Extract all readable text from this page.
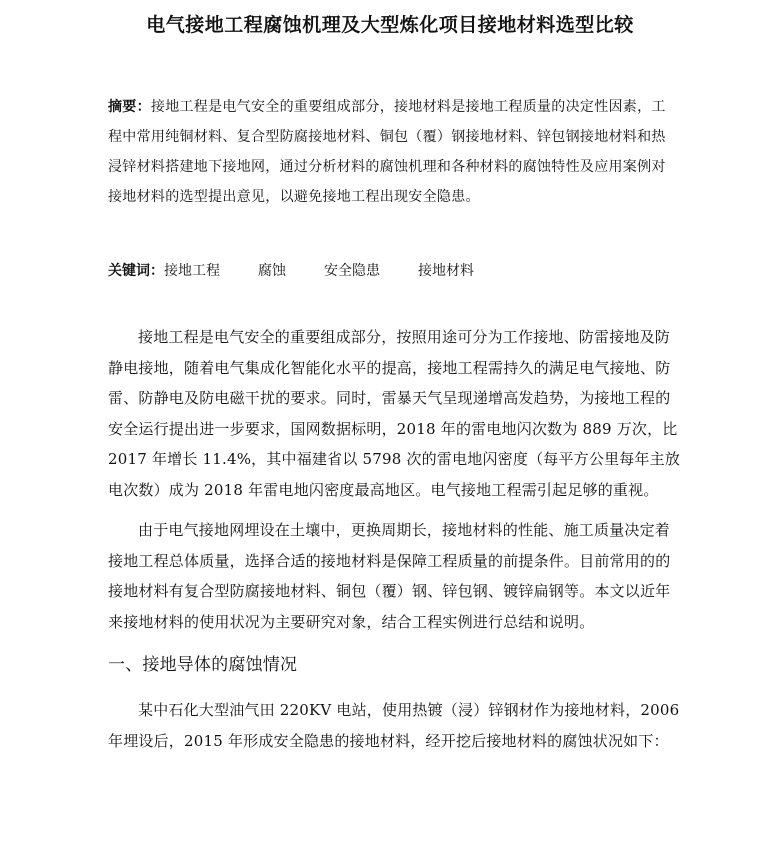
电气接地工程腐蚀机理及大型炼化项目接地材料选型比较
摘要：接地工程是电气安全的重要组成部分，接地材料是接地工程质量的决定性因素，工程中常用纯铜材料、复合型防腐接地材料、铜包（覆）钢接地材料、锌包钢接地材料和热浸锌材料搭建地下接地网，通过分析材料的腐蚀机理和各种材料的腐蚀特性及应用案例对接地材料的选型提出意见，以避免接地工程出现安全隐患。
关键词：接地工程	腐蚀	安全隐患	接地材料

接地工程是电气安全的重要组成部分，按照用途可分为工作接地、防雷接地及防静电接地，随着电气集成化智能化水平的提高，接地工程需持久的满足电气接地、防雷、防静电及防电磁干扰的要求。同时，雷暴天气呈现递增高发趋势，为接地工程的安全运行提出进一步要求，国网数据标明，2018 年的雷电地闪次数为 889 万次，比 2017 年增长 11.4%，其中福建省以 5798 次的雷电地闪密度（每平方公里每年主放电次数）成为 2018 年雷电地闪密度最高地区。电气接地工程需引起足够的重视。

由于电气接地网埋设在土壤中，更换周期长，接地材料的性能、施工质量决定着接地工程总体质量，选择合适的接地材料是保障工程质量的前提条件。目前常用的的接地材料有复合型防腐接地材料、铜包（覆）钢、锌包钢、镀锌扁钢等。本文以近年来接地材料的使用状况为主要研究对象，结合工程实例进行总结和说明。

一、接地导体的腐蚀情况

某中石化大型油气田 220KV 电站，使用热镀（浸）锌钢材作为接地材料，2006 年埋设后，2015 年形成安全隐患的接地材料，经开挖后接地材料的腐蚀状况如下：
